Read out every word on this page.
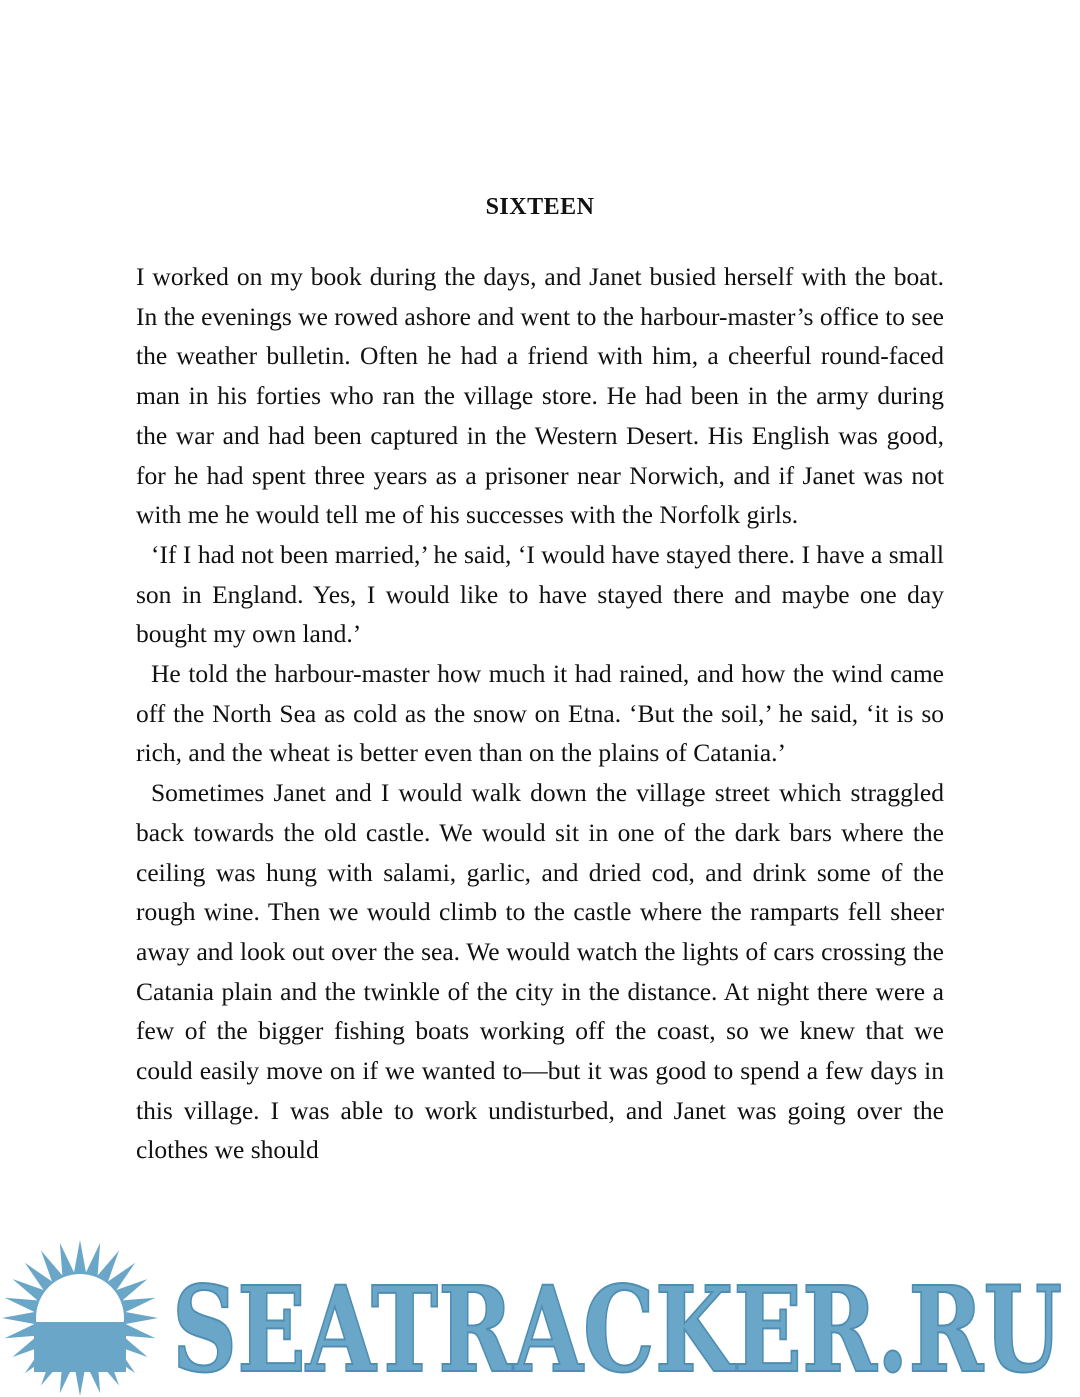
SIXTEEN

I worked on my book during the days, and Janet busied herself with the boat. In the evenings we rowed ashore and went to the harbour-master’s office to see the weather bulletin. Often he had a friend with him, a cheerful round-faced man in his forties who ran the village store. He had been in the army during the war and had been captured in the Western Desert. His English was good, for he had spent three years as a prisoner near Norwich, and if Janet was not with me he would tell me of his successes with the Norfolk girls.

‘If I had not been married,’ he said, ‘I would have stayed there. I have a small son in England. Yes, I would like to have stayed there and maybe one day bought my own land.’

He told the harbour-master how much it had rained, and how the wind came off the North Sea as cold as the snow on Etna. ‘But the soil,’ he said, ‘it is so rich, and the wheat is better even than on the plains of Catania.’

Sometimes Janet and I would walk down the village street which straggled back towards the old castle. We would sit in one of the dark bars where the ceiling was hung with salami, garlic, and dried cod, and drink some of the rough wine. Then we would climb to the castle where the ramparts fell sheer away and look out over the sea. We would watch the lights of cars crossing the Catania plain and the twinkle of the city in the distance. At night there were a few of the bigger fishing boats working off the coast, so we knew that we could easily move on if we wanted to—but it was good to spend a few days in this village. I was able to work undisturbed, and Janet was going over the clothes we should

SEATRACKER.RU
